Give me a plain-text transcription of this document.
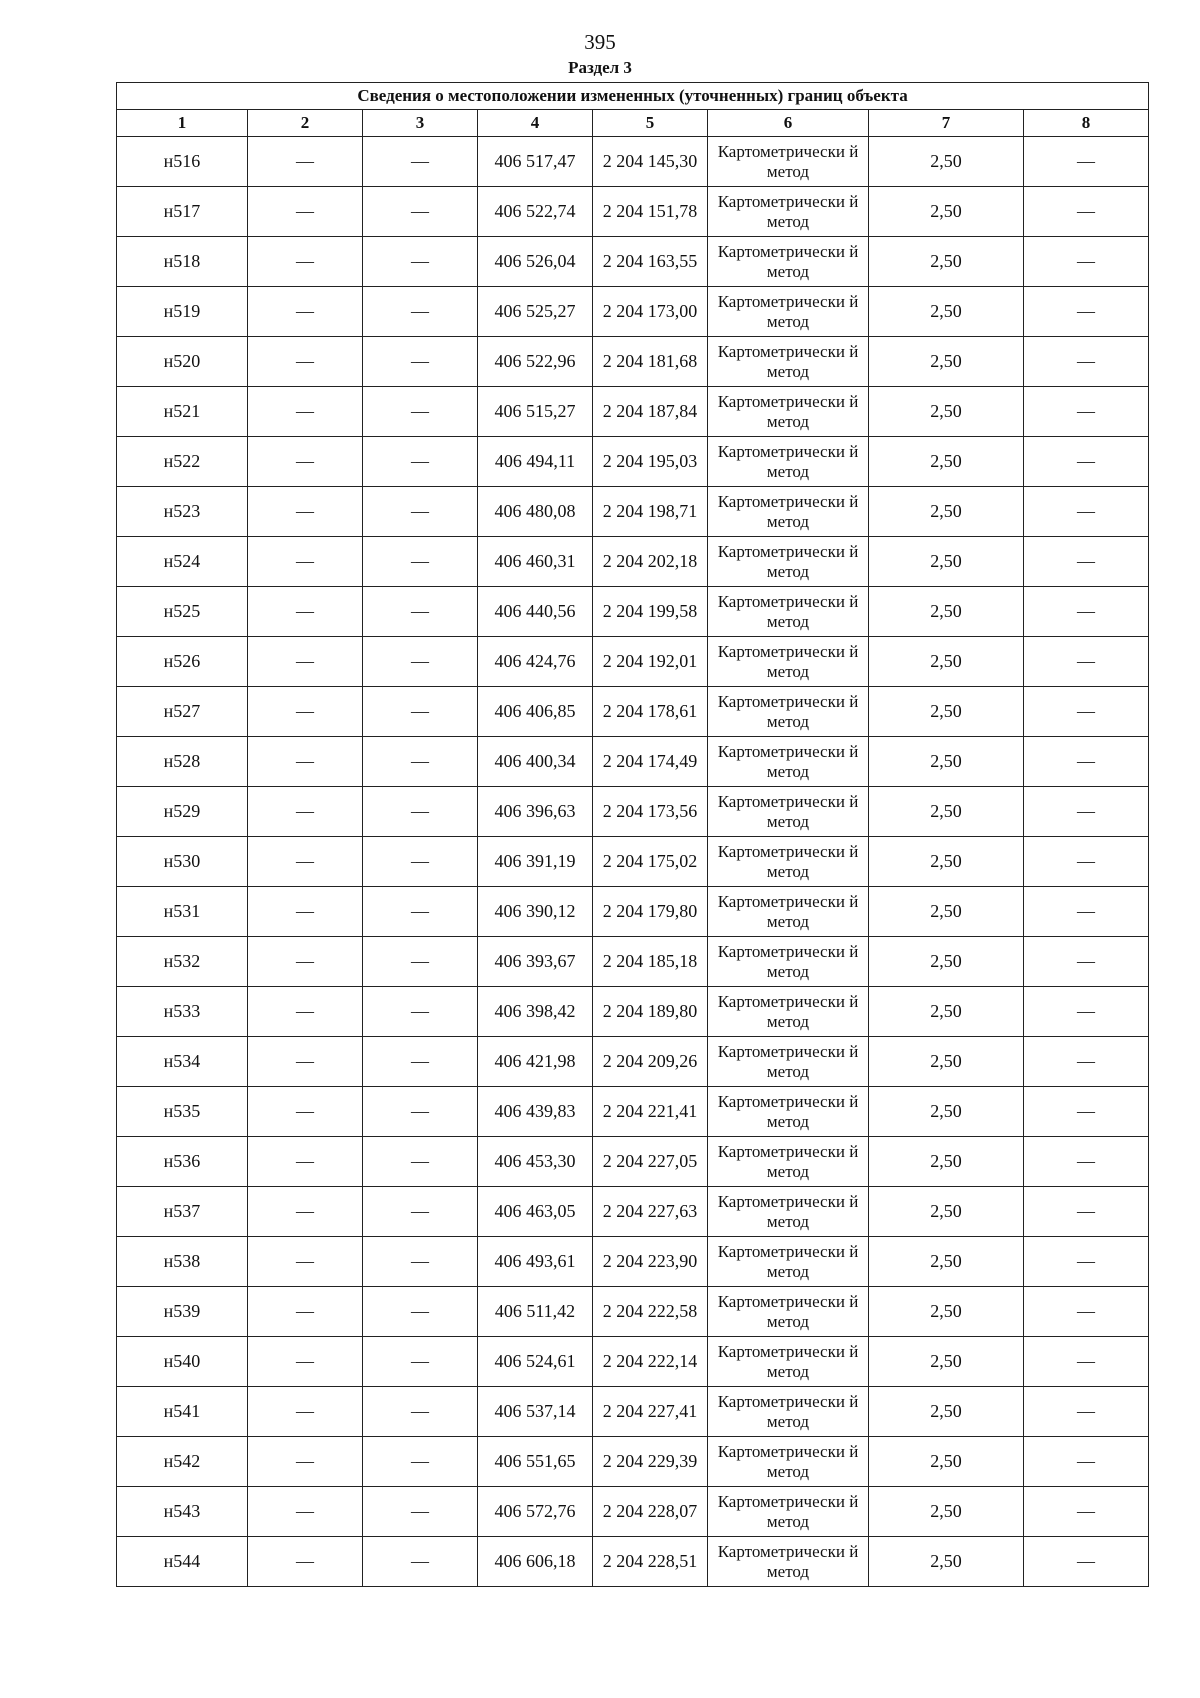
395
Раздел 3
Сведения о местоположении измененных (уточненных) границ объекта							
1	2	3	4	5	6	7	8
н516	—	—	406 517,47	2 204 145,30	Картометрически й метод	2,50	—
н517	—	—	406 522,74	2 204 151,78	Картометрически й метод	2,50	—
н518	—	—	406 526,04	2 204 163,55	Картометрически й метод	2,50	—
н519	—	—	406 525,27	2 204 173,00	Картометрически й метод	2,50	—
н520	—	—	406 522,96	2 204 181,68	Картометрически й метод	2,50	—
н521	—	—	406 515,27	2 204 187,84	Картометрически й метод	2,50	—
н522	—	—	406 494,11	2 204 195,03	Картометрически й метод	2,50	—
н523	—	—	406 480,08	2 204 198,71	Картометрически й метод	2,50	—
н524	—	—	406 460,31	2 204 202,18	Картометрически й метод	2,50	—
н525	—	—	406 440,56	2 204 199,58	Картометрически й метод	2,50	—
н526	—	—	406 424,76	2 204 192,01	Картометрически й метод	2,50	—
н527	—	—	406 406,85	2 204 178,61	Картометрически й метод	2,50	—
н528	—	—	406 400,34	2 204 174,49	Картометрически й метод	2,50	—
н529	—	—	406 396,63	2 204 173,56	Картометрически й метод	2,50	—
н530	—	—	406 391,19	2 204 175,02	Картометрически й метод	2,50	—
н531	—	—	406 390,12	2 204 179,80	Картометрически й метод	2,50	—
н532	—	—	406 393,67	2 204 185,18	Картометрически й метод	2,50	—
н533	—	—	406 398,42	2 204 189,80	Картометрически й метод	2,50	—
н534	—	—	406 421,98	2 204 209,26	Картометрически й метод	2,50	—
н535	—	—	406 439,83	2 204 221,41	Картометрически й метод	2,50	—
н536	—	—	406 453,30	2 204 227,05	Картометрически й метод	2,50	—
н537	—	—	406 463,05	2 204 227,63	Картометрически й метод	2,50	—
н538	—	—	406 493,61	2 204 223,90	Картометрически й метод	2,50	—
н539	—	—	406 511,42	2 204 222,58	Картометрически й метод	2,50	—
н540	—	—	406 524,61	2 204 222,14	Картометрически й метод	2,50	—
н541	—	—	406 537,14	2 204 227,41	Картометрически й метод	2,50	—
н542	—	—	406 551,65	2 204 229,39	Картометрически й метод	2,50	—
н543	—	—	406 572,76	2 204 228,07	Картометрически й метод	2,50	—
н544	—	—	406 606,18	2 204 228,51	Картометрически й метод	2,50	—
